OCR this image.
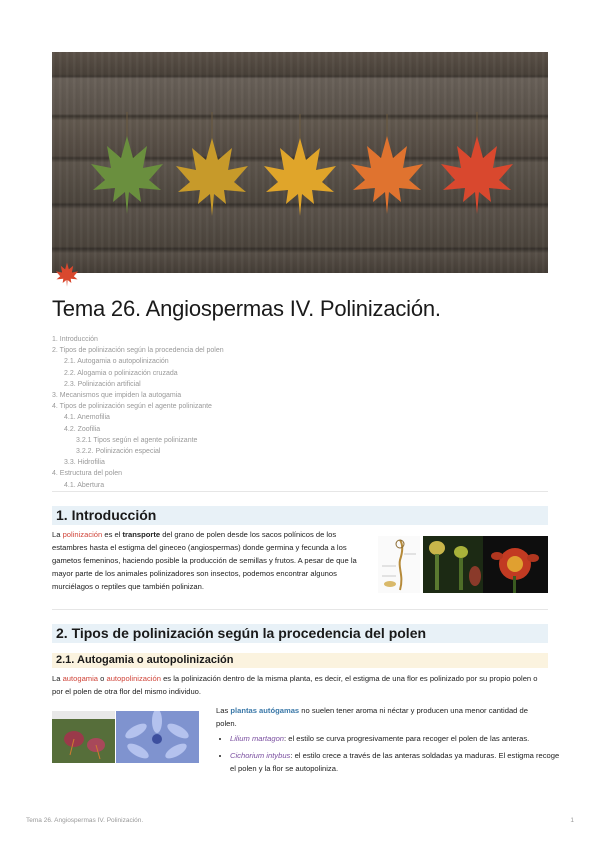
Tema 26. Angiospermas IV. Polinización.
1. Introducción
2. Tipos de polinización según la procedencia del polen
2.1. Autogamia o autopolinización
2.2. Alogamia o polinización cruzada
2.3. Polinización artificial
3. Mecanismos que impiden la autogamia
4. Tipos de polinización según el agente polinizante
4.1. Anemofilia
4.2. Zoofilia
3.2.1 Tipos según el agente polinizante
3.2.2. Polinización especial
3.3. Hidrofilia
4. Estructura del polen
4.1. Abertura
1. Introducción

La polinización es el transporte del grano de polen desde los sacos polínicos de los estambres hasta el estigma del gineceo (angiospermas) donde germina y fecunda a los gametos femeninos, haciendo posible la producción de semillas y frutos. A pesar de que la mayor parte de los animales polinizadores son insectos, podemos encontrar algunos murciélagos o reptiles que también polinizan.

2. Tipos de polinización según la procedencia del polen
2.1. Autogamia o autopolinización

La autogamia o autopolinización es la polinización dentro de la misma planta, es decir, el estigma de una flor es polinizado por su propio polen o por el polen de otra flor del mismo individuo.

Las plantas autógamas no suelen tener aroma ni néctar y producen una menor cantidad de polen.

• Lilium martagon: el estilo se curva progresivamente para recoger el polen de las anteras.
• Cichorium intybus: el estilo crece a través de las anteras soldadas ya maduras. El estigma recoge el polen y la flor se autopoliniza.
Tema 26. Angiospermas IV. Polinización.	1
